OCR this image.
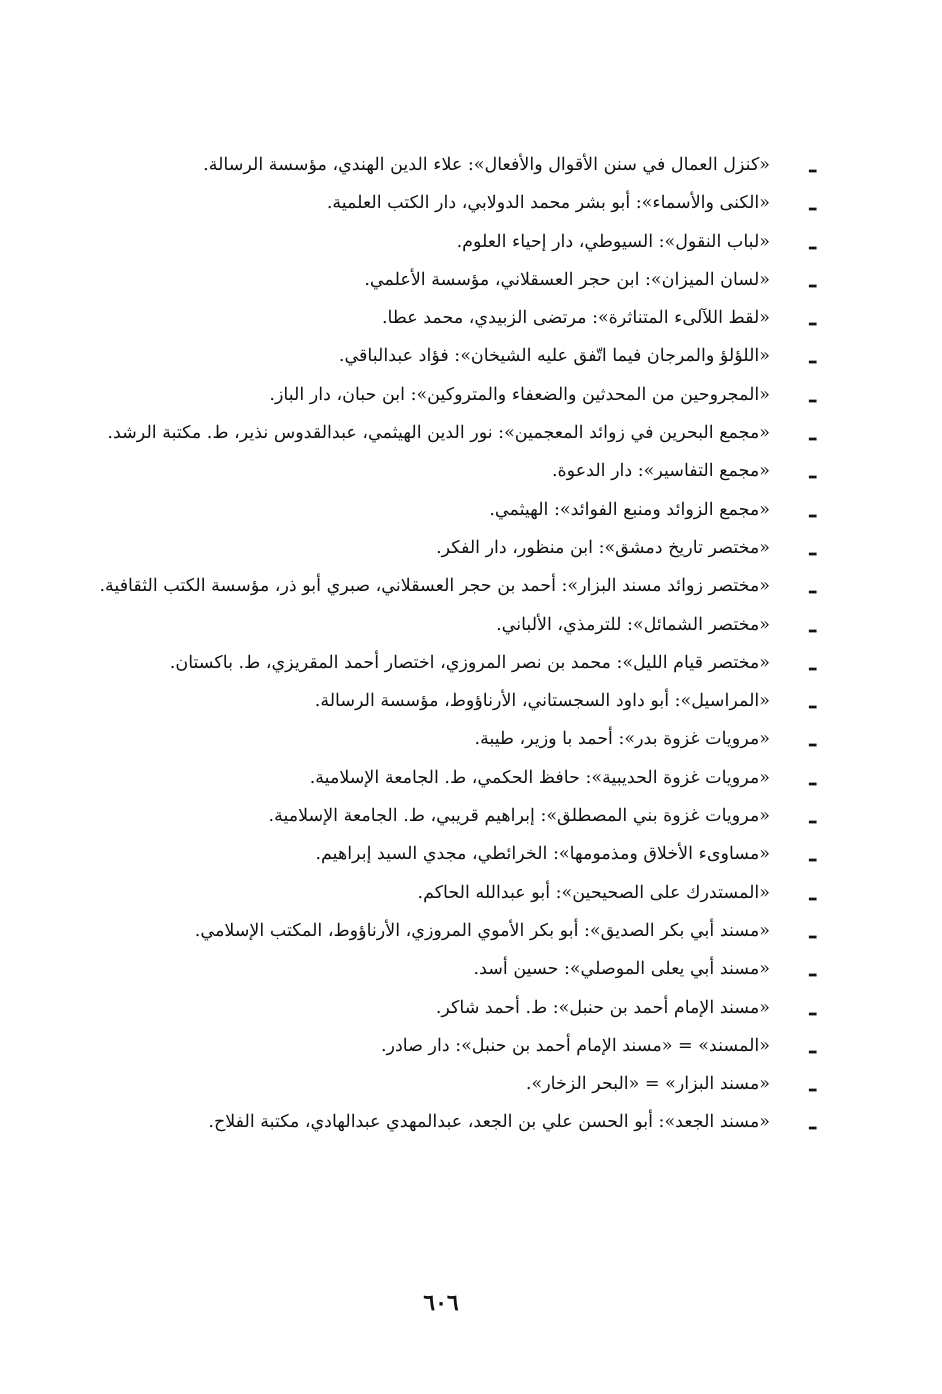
ـ
«كنزل العمال في سنن الأقوال والأفعال»: علاء الدين الهندي، مؤسسة الرسالة.
ـ
«الكنى والأسماء»: أبو بشر محمد الدولابي، دار الكتب العلمية.
ـ
«لباب النقول»: السيوطي، دار إحياء العلوم.
ـ
«لسان الميزان»: ابن حجر العسقلاني، مؤسسة الأعلمي.
ـ
«لقط اللآلىء المتناثرة»: مرتضى الزبيدي، محمد عطا.
ـ
«اللؤلؤ والمرجان فيما اتّفق عليه الشيخان»: فؤاد عبدالباقي.
ـ
«المجروحين من المحدثين والضعفاء والمتروكين»: ابن حبان، دار الباز.
ـ
«مجمع البحرين في زوائد المعجمين»: نور الدين الهيثمي، عبدالقدوس نذير، ط. مكتبة الرشد.
ـ
«مجمع التفاسير»: دار الدعوة.
ـ
«مجمع الزوائد ومنبع الفوائد»: الهيثمي.
ـ
«مختصر تاريخ دمشق»: ابن منظور، دار الفكر.
ـ
«مختصر زوائد مسند البزار»: أحمد بن حجر العسقلاني، صبري أبو ذر، مؤسسة الكتب الثقافية.
ـ
«مختصر الشمائل»: للترمذي، الألباني.
ـ
«مختصر قيام الليل»: محمد بن نصر المروزي، اختصار أحمد المقريزي، ط. باكستان.
ـ
«المراسيل»: أبو داود السجستاني، الأرناؤوط، مؤسسة الرسالة.
ـ
«مرويات غزوة بدر»: أحمد با وزير، طيبة.
ـ
«مرويات غزوة الحديبية»: حافظ الحكمي، ط. الجامعة الإسلامية.
ـ
«مرويات غزوة بني المصطلق»: إبراهيم قريبي، ط. الجامعة الإسلامية.
ـ
«مساوىء الأخلاق ومذمومها»: الخرائطي، مجدي السيد إبراهيم.
ـ
«المستدرك على الصحيحين»: أبو عبدالله الحاكم.
ـ
«مسند أبي بكر الصديق»: أبو بكر الأموي المروزي، الأرناؤوط، المكتب الإسلامي.
ـ
«مسند أبي يعلى الموصلي»: حسين أسد.
ـ
«مسند الإمام أحمد بن حنبل»: ط. أحمد شاكر.
ـ
«المسند» = «مسند الإمام أحمد بن حنبل»: دار صادر.
ـ
«مسند البزار» = «البحر الزخار».
ـ
«مسند الجعد»: أبو الحسن علي بن الجعد، عبدالمهدي عبدالهادي، مكتبة الفلاح.
٦٠٦
